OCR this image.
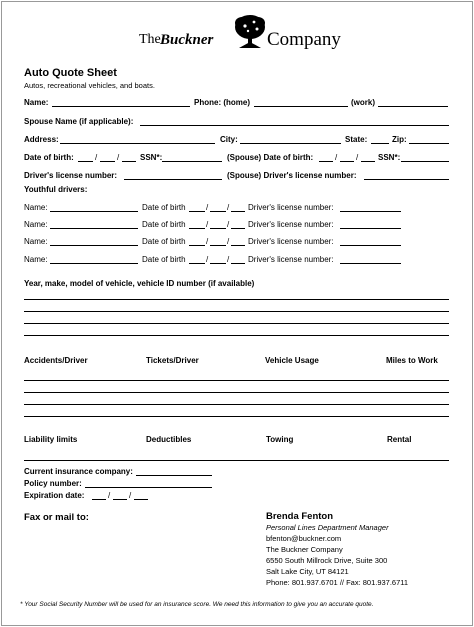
The Buckner	Company
Auto Quote Sheet
Autos, recreational vehicles, and boats.
Name:	Phone: (home)	(work)
Spouse Name (if applicable):
Address:	City:	State:	Zip:
Date of birth:	/ /	SSN*:	(Spouse) Date of birth:	/ / SSN*:
Driver's license number:	(Spouse) Driver's license number:
Youthful drivers:
Name:	Date of birth	/ / Driver's license number:
Name:	Date of birth	/ / Driver's license number:
Name:	Date of birth	/ / Driver's license number:
Name:	Date of birth	/ / Driver's license number:
Year, make, model of vehicle, vehicle ID number (if available)
Accidents/Driver	Tickets/Driver	Vehicle Usage	Miles to Work
Liability limits	Deductibles	Towing	Rental
Current insurance company:
Policy number:
Expiration date:	/ /
Fax or mail to:	Brenda Fenton
Personal Lines Department Manager
bfenton@buckner.com
The Buckner Company
6550 South Millrock Drive, Suite 300
Salt Lake City, UT 84121
Phone: 801.937.6701 // Fax: 801.937.6711
* Your Social Security Number will be used for an insurance score. We need this information to give you an accurate quote.
